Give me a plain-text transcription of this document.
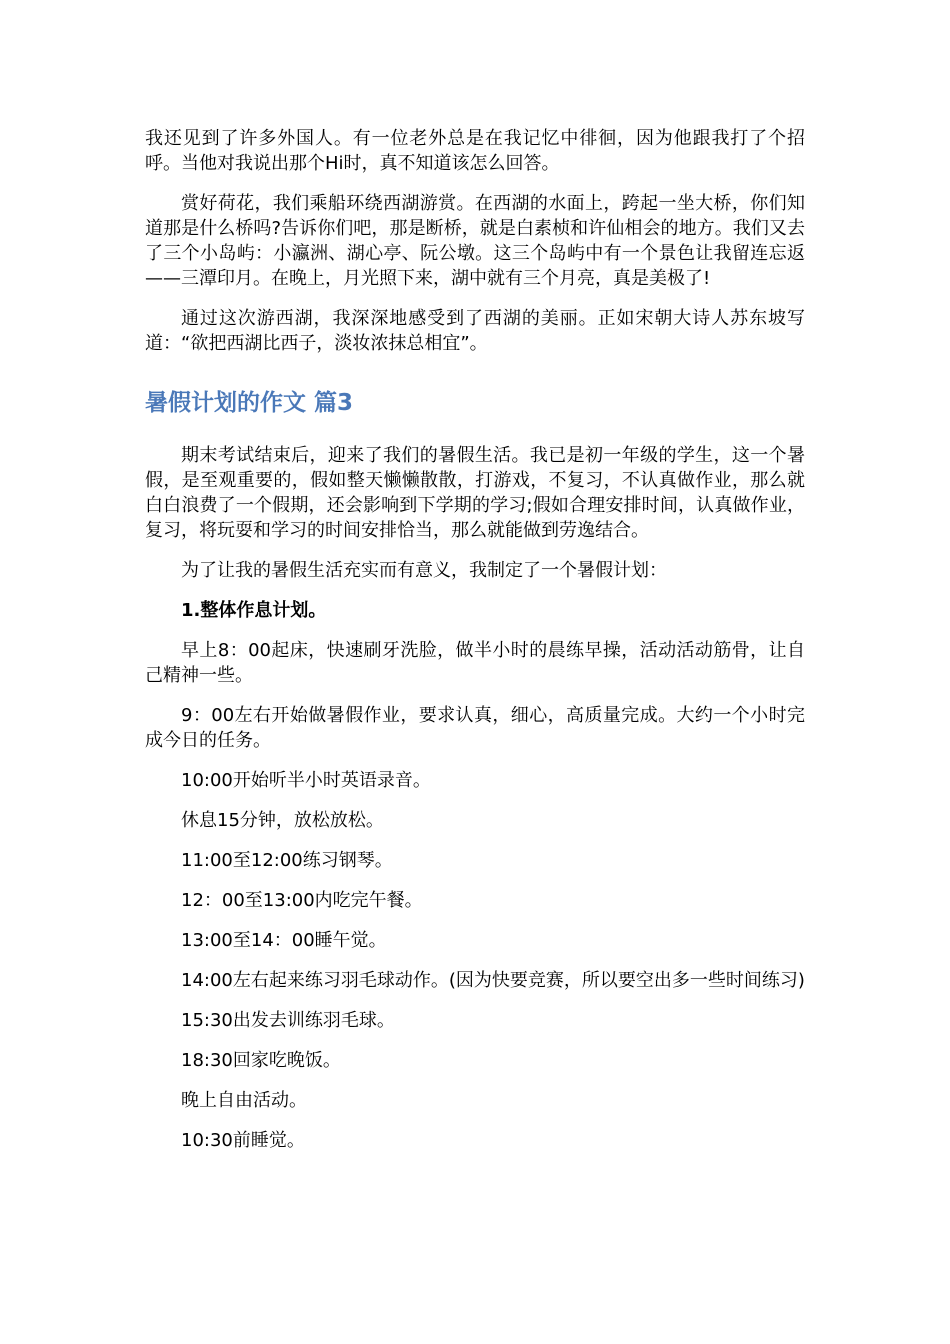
我还见到了许多外国人。有一位老外总是在我记忆中徘徊，因为他跟我打了个招呼。当他对我说出那个Hi时，真不知道该怎么回答。

赏好荷花，我们乘船环绕西湖游赏。在西湖的水面上，跨起一坐大桥，你们知道那是什么桥吗?告诉你们吧，那是断桥，就是白素桢和许仙相会的地方。我们又去了三个小岛屿：小瀛洲、湖心亭、阮公墩。这三个岛屿中有一个景色让我留连忘返——三潭印月。在晚上，月光照下来，湖中就有三个月亮，真是美极了!

通过这次游西湖，我深深地感受到了西湖的美丽。正如宋朝大诗人苏东坡写道：“欲把西湖比西子，淡妆浓抹总相宜”。

暑假计划的作文 篇3

期末考试结束后，迎来了我们的暑假生活。我已是初一年级的学生，这一个暑假，是至观重要的，假如整天懒懒散散，打游戏，不复习，不认真做作业，那么就白白浪费了一个假期，还会影响到下学期的学习;假如合理安排时间，认真做作业，复习，将玩耍和学习的时间安排恰当，那么就能做到劳逸结合。

为了让我的暑假生活充实而有意义，我制定了一个暑假计划：

1.整体作息计划。

早上8：00起床，快速刷牙洗脸，做半小时的晨练早操，活动活动筋骨，让自己精神一些。

9：00左右开始做暑假作业，要求认真，细心，高质量完成。大约一个小时完成今日的任务。

10:00开始听半小时英语录音。

休息15分钟，放松放松。

11:00至12:00练习钢琴。

12：00至13:00内吃完午餐。

13:00至14：00睡午觉。

14:00左右起来练习羽毛球动作。(因为快要竞赛，所以要空出多一些时间练习)

15:30出发去训练羽毛球。

18:30回家吃晚饭。

晚上自由活动。

10:30前睡觉。
